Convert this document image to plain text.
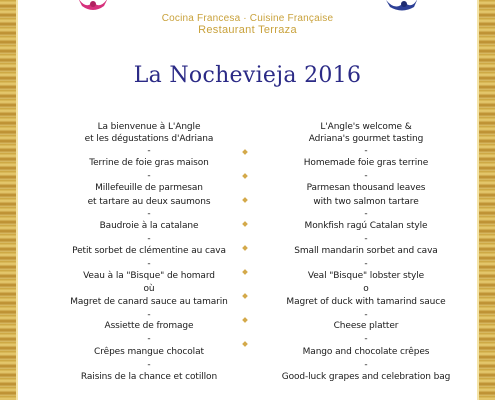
Cocina Francesa · Cuisine Française
Restaurant Terraza
La Nochevieja 2016
La bienvenue à L'Angle
et les dégustations d'Adriana
-
Terrine de foie gras maison
-
Millefeuille de parmesan
et tartare au deux saumons
-
Baudroie à la catalane
-
Petit sorbet de clémentine au cava
-
Veau à la "Bisque" de homard
où
Magret de canard sauce au tamarin
-
Assiette de fromage
-
Crêpes mangue chocolat
-
Raisins de la chance et cotillon
L'Angle's welcome &
Adriana's gourmet tasting
-
Homemade foie gras terrine
-
Parmesan thousand leaves
with two salmon tartare
-
Monkfish ragú Catalan style
-
Small mandarin sorbet and cava
-
Veal "Bisque" lobster style
o
Magret of duck with tamarind sauce
-
Cheese platter
-
Mango and chocolate crêpes
-
Good-luck grapes and celebration bag
